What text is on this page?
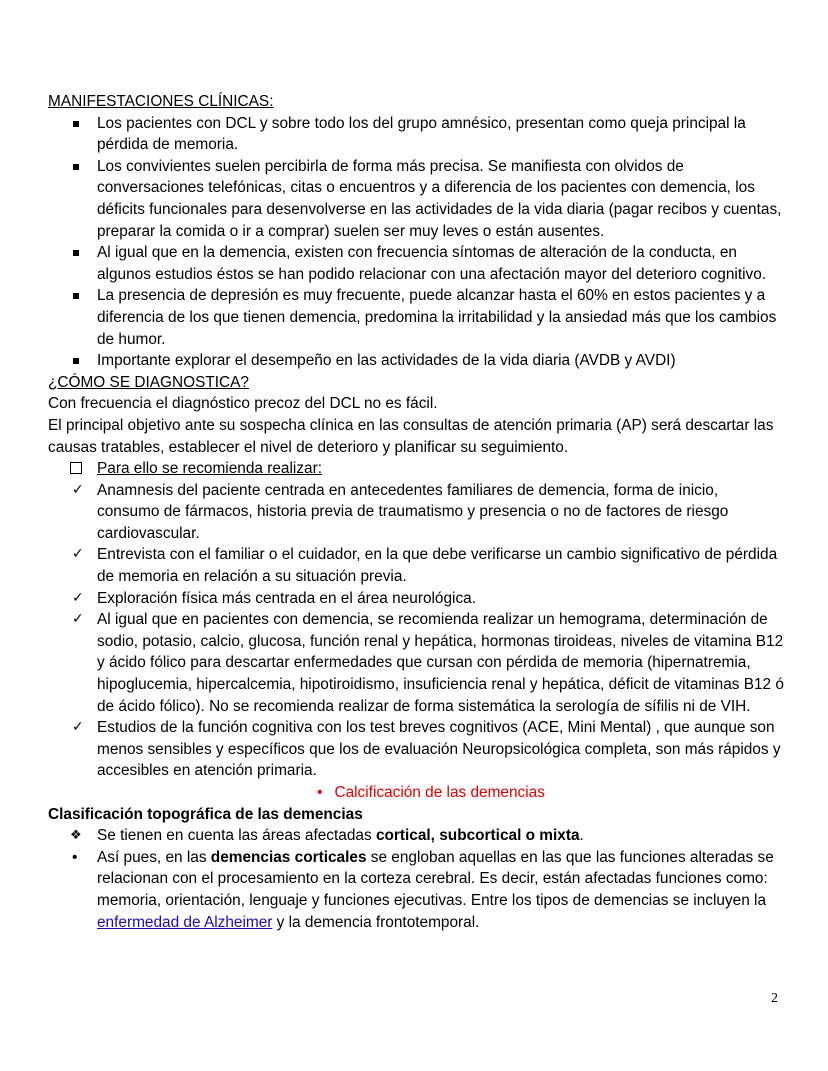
MANIFESTACIONES CLÍNICAS:
Los pacientes con DCL y sobre todo los del grupo amnésico, presentan como queja principal la pérdida de memoria.
Los convivientes suelen percibirla de forma más precisa. Se manifiesta con olvidos de conversaciones telefónicas, citas o encuentros y a diferencia de los pacientes con demencia, los déficits funcionales para desenvolverse en las actividades de la vida diaria (pagar recibos y cuentas, preparar la comida o ir a comprar) suelen ser muy leves o están ausentes.
Al igual que en la demencia, existen con frecuencia síntomas de alteración de la conducta, en algunos estudios éstos se han podido relacionar con una afectación mayor del deterioro cognitivo.
La presencia de depresión es muy frecuente, puede alcanzar hasta el 60% en estos pacientes y a diferencia de los que tienen demencia, predomina la irritabilidad y la ansiedad más que los cambios de humor.
Importante explorar el desempeño en las actividades de la vida diaria (AVDB y AVDI)
¿CÓMO SE DIAGNOSTICA?
Con frecuencia el diagnóstico precoz del DCL no es fácil.
El principal objetivo ante su sospecha clínica en las consultas de atención primaria (AP) será descartar las causas tratables, establecer el nivel de deterioro y planificar su seguimiento.
Para ello se recomienda realizar:
✓ Anamnesis del paciente centrada en antecedentes familiares de demencia, forma de inicio, consumo de fármacos, historia previa de traumatismo y presencia o no de factores de riesgo cardiovascular.
✓ Entrevista con el familiar o el cuidador, en la que debe verificarse un cambio significativo de pérdida de memoria en relación a su situación previa.
✓ Exploración física más centrada en el área neurológica.
✓ Al igual que en pacientes con demencia, se recomienda realizar un hemograma, determinación de sodio, potasio, calcio, glucosa, función renal y hepática, hormonas tiroideas, niveles de vitamina B12 y ácido fólico para descartar enfermedades que cursan con pérdida de memoria (hipernatremia, hipoglucemia, hipercalcemia, hipotiroidismo, insuficiencia renal y hepática, déficit de vitaminas B12 ó de ácido fólico). No se recomienda realizar de forma sistemática la serología de sífilis ni de VIH.
✓ Estudios de la función cognitiva con los test breves cognitivos (ACE, Mini Mental) , que aunque son menos sensibles y específicos que los de evaluación Neuropsicológica completa, son más rápidos y accesibles en atención primaria.
• Calcificación de las demencias
Clasificación topográfica de las demencias
❖ Se tienen en cuenta las áreas afectadas cortical, subcortical o mixta.
Así pues, en las demencias corticales se engloban aquellas en las que las funciones alteradas se relacionan con el procesamiento en la corteza cerebral. Es decir, están afectadas funciones como: memoria, orientación, lenguaje y funciones ejecutivas. Entre los tipos de demencias se incluyen la enfermedad de Alzheimer y la demencia frontotemporal.
2
